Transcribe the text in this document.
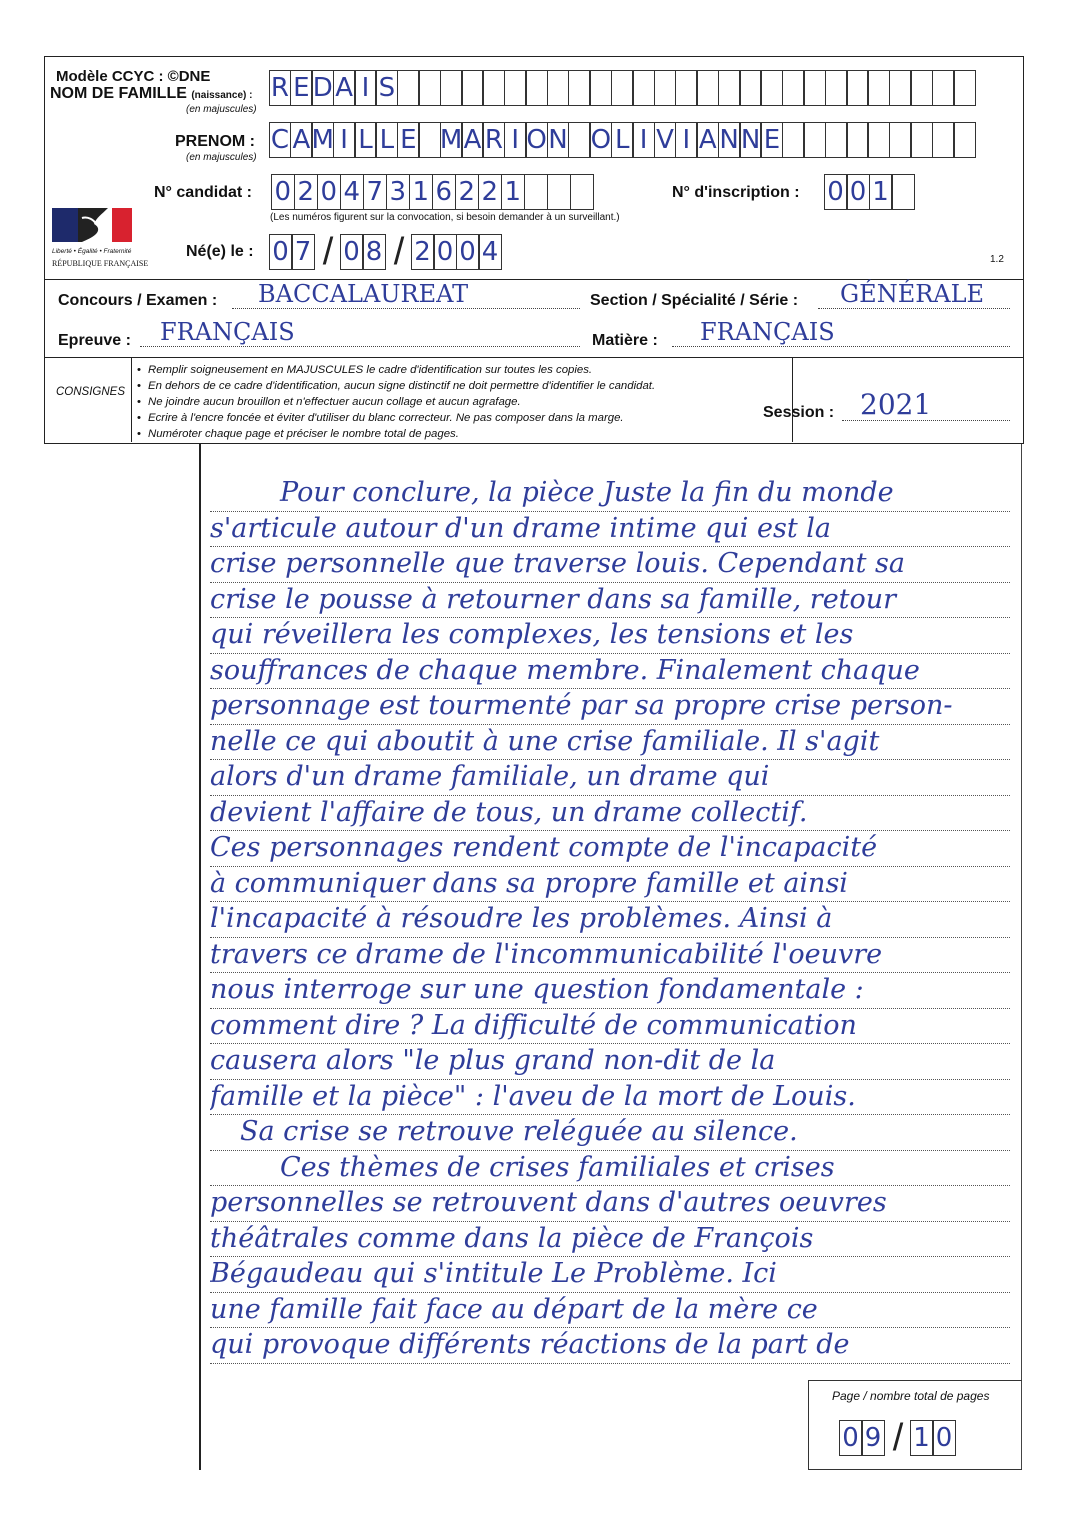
Modèle CCYC : ©DNE
NOM DE FAMILLE (naissance) :
(en majuscules)
R E D A I S
PRENOM :
(en majuscules)
C A M I L L E M A R I O N O L I V I A N N E
N° candidat : 0 2 0 4 7 3 1 6 2 2 1	N° d'inscription : 0 0 1
(Les numéros figurent sur la convocation, si besoin demander à un surveillant.)
Liberté • Égalité • Fraternité
RÉPUBLIQUE FRANÇAISE
Né(e) le : 0 7 / 0 8 / 2 0 0 4	1.2
Concours / Examen : BACCALAUREAT	Section / Spécialité / Série : GÉNÉRALE
Epreuve : FRANÇAIS	Matière : FRANÇAIS
CONSIGNES
• Remplir soigneusement en MAJUSCULES le cadre d'identification sur toutes les copies.
• En dehors de ce cadre d'identification, aucun signe distinctif ne doit permettre d'identifier le candidat.
• Ne joindre aucun brouillon et n'effectuer aucun collage et aucun agrafage.
• Ecrire à l'encre foncée et éviter d'utiliser du blanc correcteur. Ne pas composer dans la marge.
• Numéroter chaque page et préciser le nombre total de pages.
Session : 2021
Pour conclure, la pièce Juste la fin du monde
s'articule autour d'un drame intime qui est la
crise personnelle que traverse louis. Cependant sa
crise le pousse à retourner dans sa famille, retour
qui réveillera les complexes, les tensions et les
souffrances de chaque membre. Finalement chaque
personnage est tourmenté par sa propre crise person-
nelle ce qui aboutit à une crise familiale. Il s'agit
alors d'un drame familiale, un drame qui
devient l'affaire de tous, un drame collectif.
Ces personnages rendent compte de l'incapacité
à communiquer dans sa propre famille et ainsi
l'incapacité à résoudre les problèmes. Ainsi à
travers ce drame de l'incommunicabilité l'oeuvre
nous interroge sur une question fondamentale :
comment dire ? La difficulté de communication
causera alors "le plus grand non-dit de la
famille et la pièce" : l'aveu de la mort de Louis.
Sa crise se retrouve reléguée au silence.
Ces thèmes de crises familiales et crises
personnelles se retrouvent dans d'autres oeuvres
théâtrales comme dans la pièce de François
Bégaudeau qui s'intitule Le Problème. Ici
une famille fait face au départ de la mère ce
qui provoque différents réactions de la part de
Page / nombre total de pages
0 9 / 1 0
